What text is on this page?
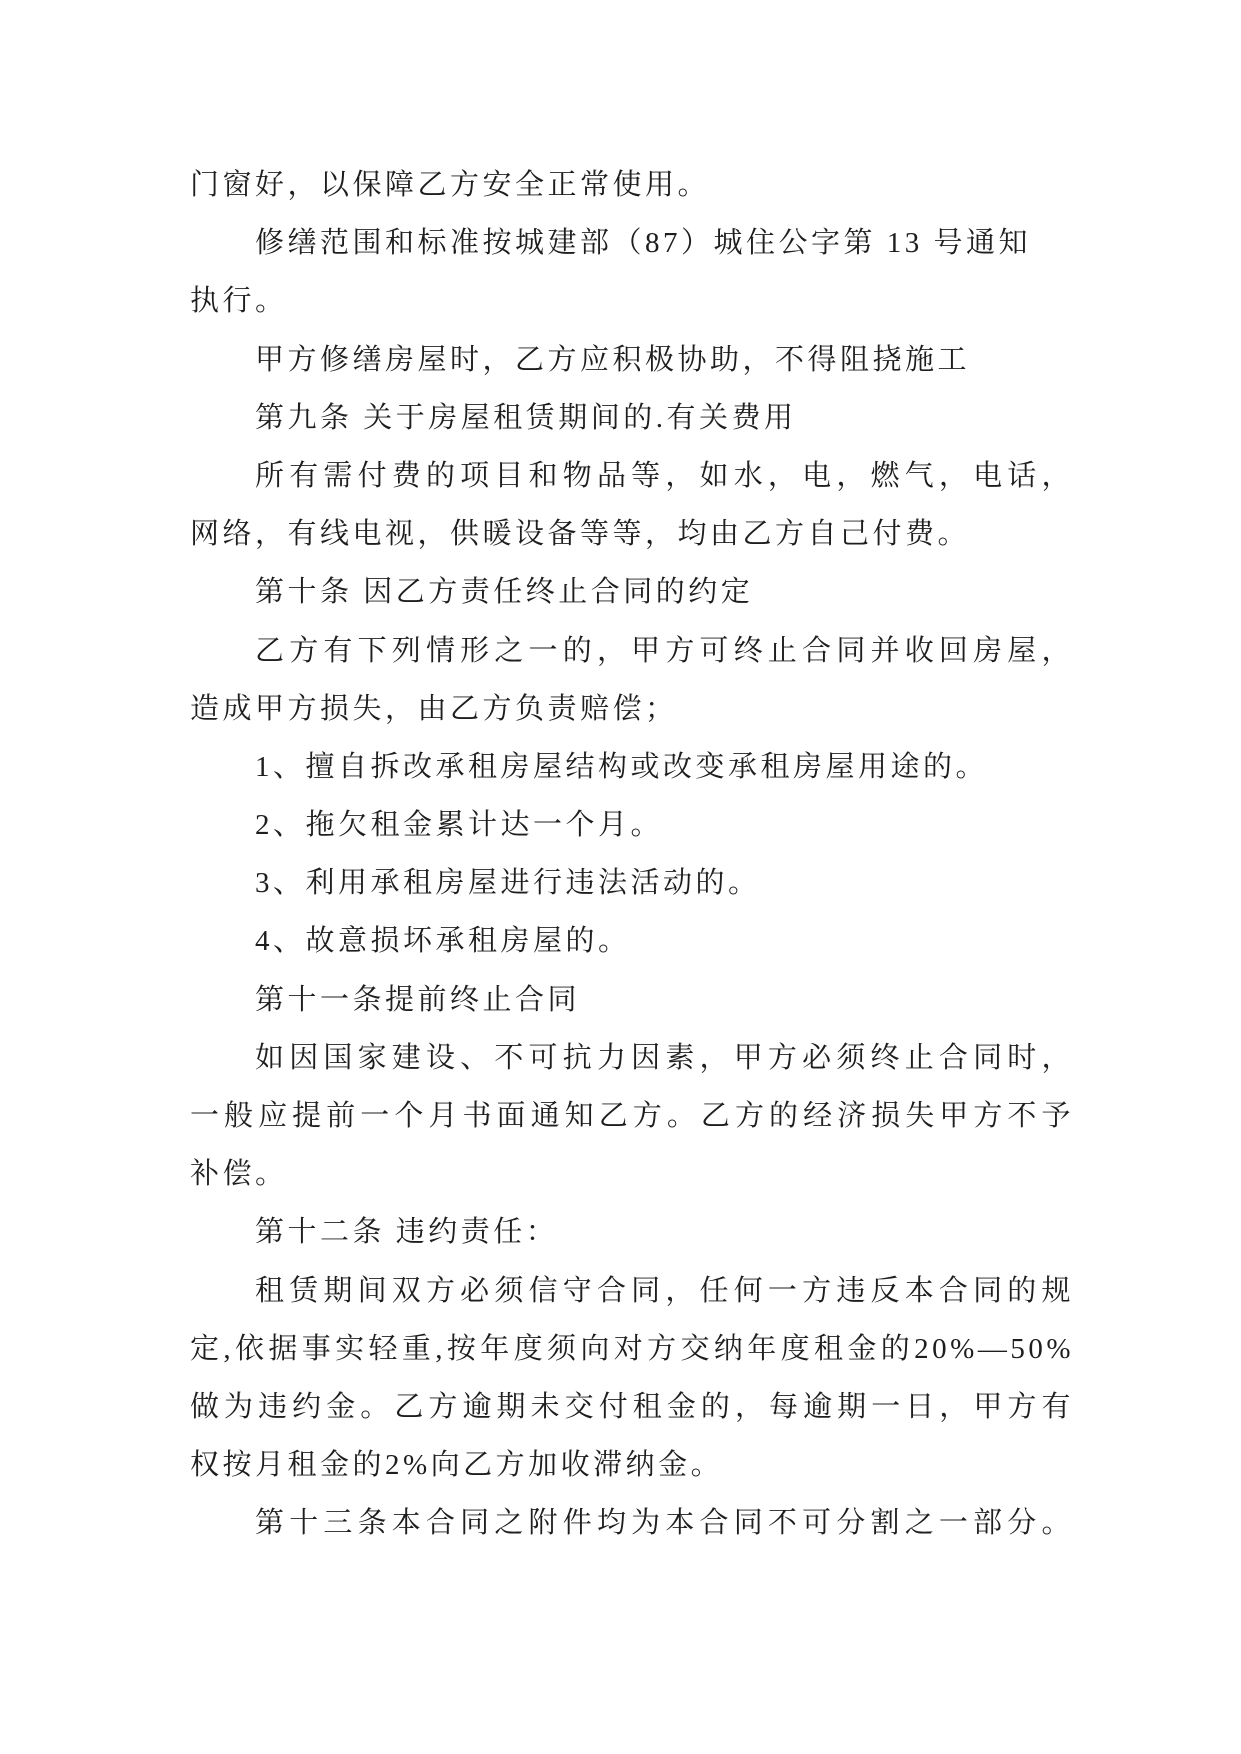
门窗好，以保障乙方安全正常使用。
修缮范围和标准按城建部（87）城住公字第 13 号通知
执行。
甲方修缮房屋时，乙方应积极协助，不得阻挠施工
第九条 关于房屋租赁期间的.有关费用
所有需付费的项目和物品等，如水，电，燃气，电话，
网络，有线电视，供暖设备等等，均由乙方自己付费。
第十条 因乙方责任终止合同的约定
乙方有下列情形之一的，甲方可终止合同并收回房屋，
造成甲方损失，由乙方负责赔偿；
1、擅自拆改承租房屋结构或改变承租房屋用途的。
2、拖欠租金累计达一个月。
3、利用承租房屋进行违法活动的。
4、故意损坏承租房屋的。
第十一条提前终止合同
如因国家建设、不可抗力因素，甲方必须终止合同时，
一般应提前一个月书面通知乙方。乙方的经济损失甲方不予
补偿。
第十二条 违约责任：
租赁期间双方必须信守合同，任何一方违反本合同的规
定,依据事实轻重,按年度须向对方交纳年度租金的20%—50%
做为违约金。乙方逾期未交付租金的，每逾期一日，甲方有
权按月租金的2%向乙方加收滞纳金。
第十三条本合同之附件均为本合同不可分割之一部分。
